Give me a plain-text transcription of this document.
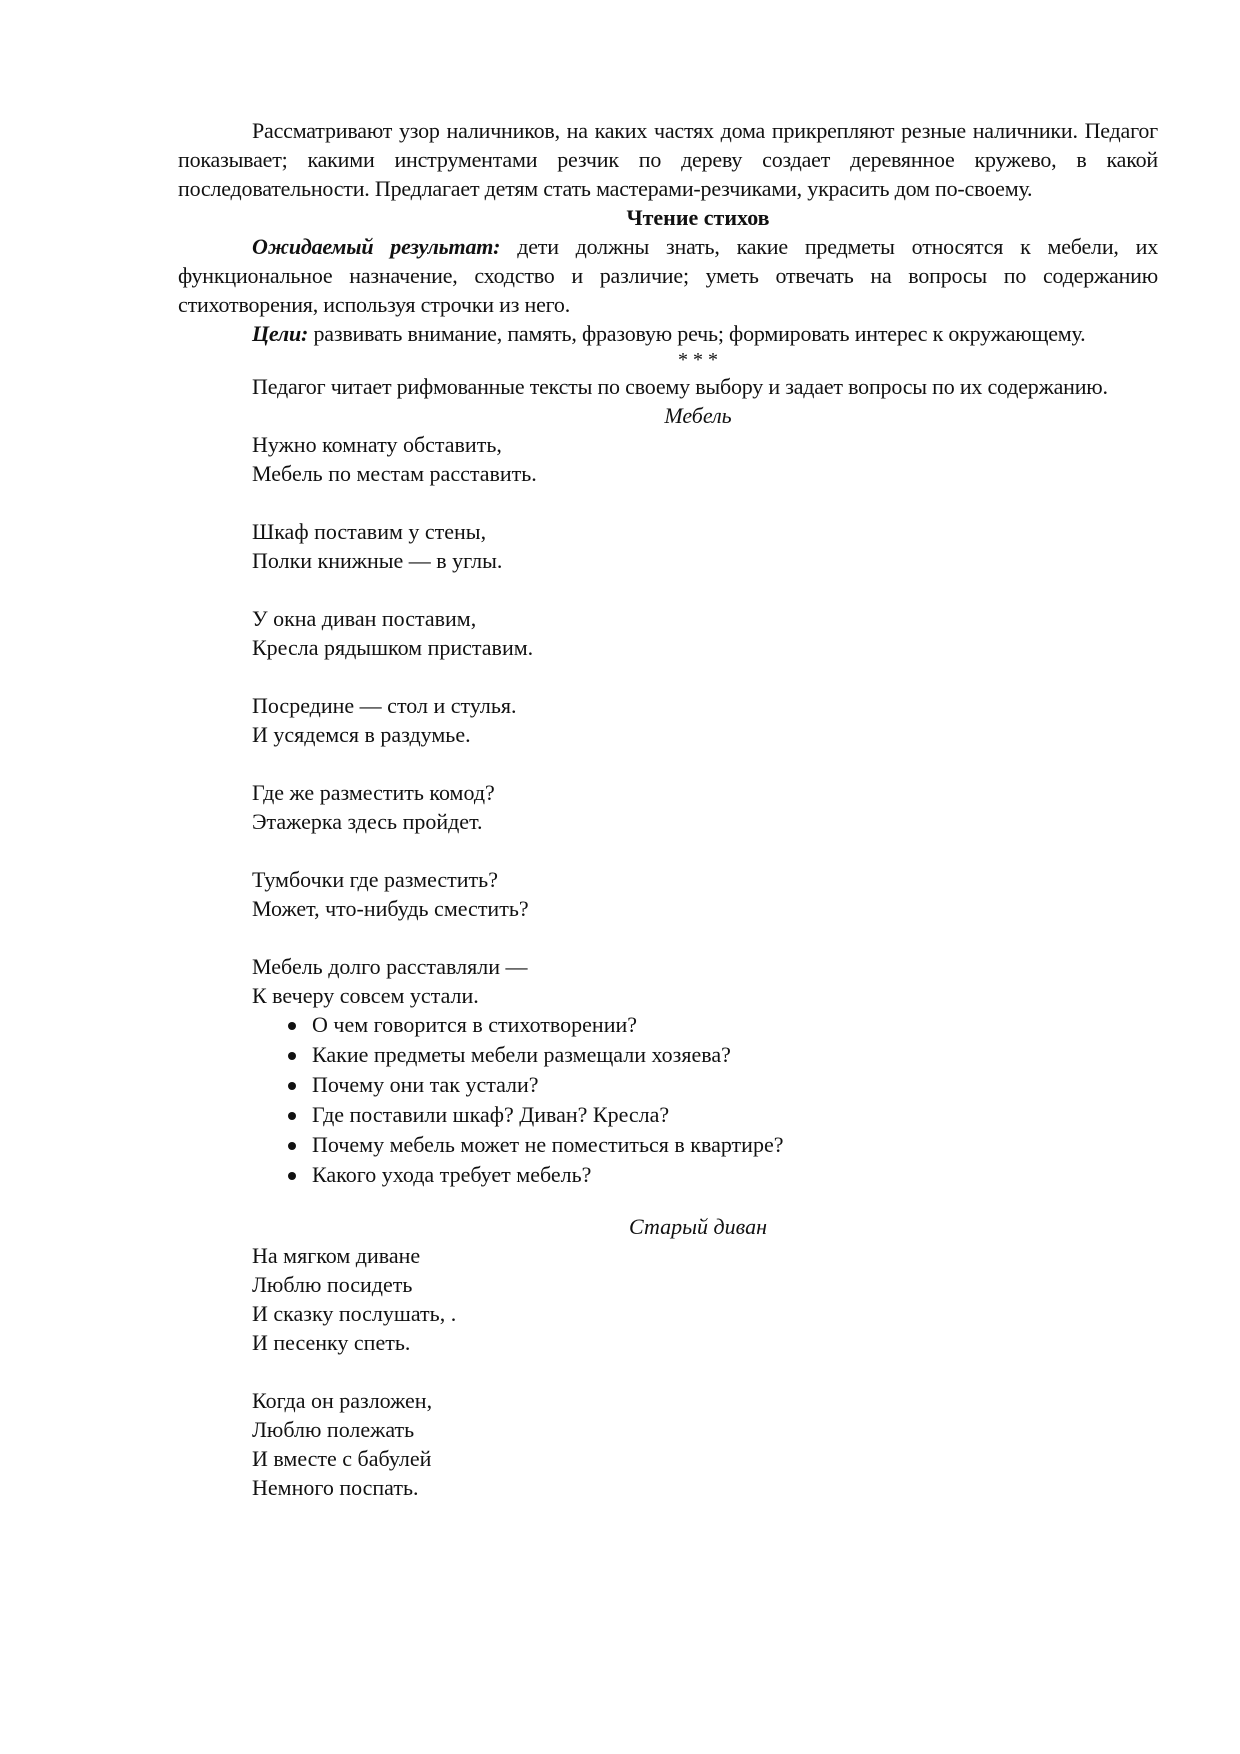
Рассматривают узор наличников, на каких частях дома прикрепляют резные наличники. Педагог показывает; какими инструментами резчик по дереву создает деревянное кружево, в какой последовательности. Предлагает детям стать мастерами-резчиками, украсить дом по-своему.

Чтение стихов

Ожидаемый результат: дети должны знать, какие предметы относятся к мебели, их функциональное назначение, сходство и различие; уметь отвечать на вопросы по содержанию стихотворения, используя строчки из него.

Цели: развивать внимание, память, фразовую речь; формировать интерес к окружающему.

* * *

Педагог читает рифмованные тексты по своему выбору и задает вопросы по их содержанию.

Мебель

Нужно комнату обставить,
Мебель по местам расставить.
Шкаф поставим у стены,
Полки книжные — в углы.
У окна диван поставим,
Кресла рядышком приставим.
Посредине — стол и стулья.
И усядемся в раздумье.
Где же разместить комод?
Этажерка здесь пройдет.
Тумбочки где разместить?
Может, что-нибудь сместить?
Мебель долго расставляли —
К вечеру совсем устали.
О чем говорится в стихотворении?
Какие предметы мебели размещали хозяева?
Почему они так устали?
Где поставили шкаф? Диван? Кресла?
Почему мебель может не поместиться в квартире?
Какого ухода требует мебель?

Старый диван

На мягком диване
Люблю посидеть
И сказку послушать, .
И песенку спеть.
Когда он разложен,
Люблю полежать
И вместе с бабулей
Немного поспать.
